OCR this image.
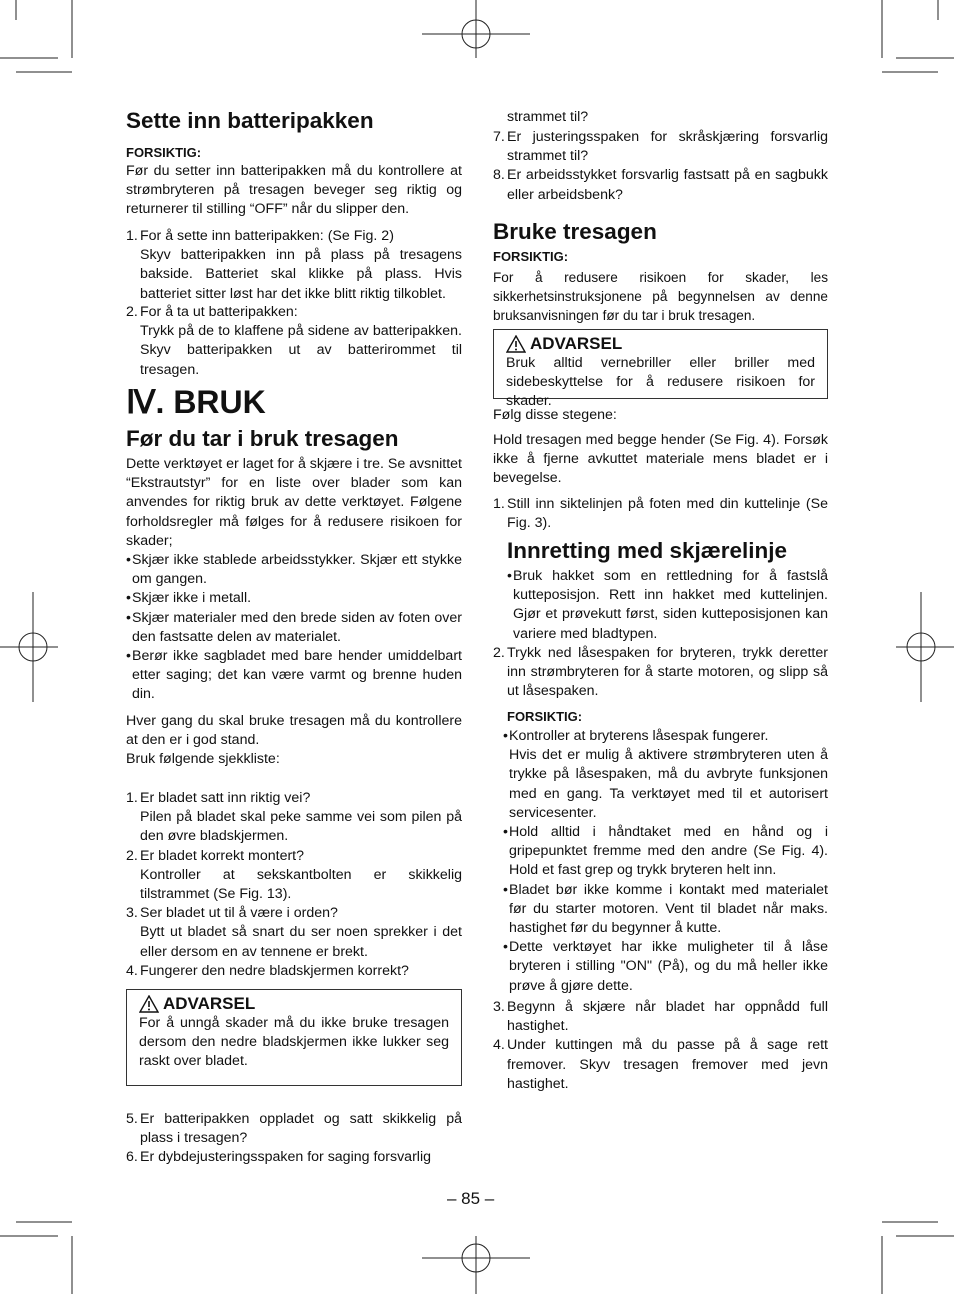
Sette inn batteripakken
FORSIKTIG:
Før du setter inn batteripakken må du kontrollere at strømbryteren på tresagen beveger seg riktig og returnerer til stilling “OFF” når du slipper den.
1. For å sette inn batteripakken: (Se Fig. 2)
Skyv batteripakken inn på plass på tresagens bakside. Batteriet skal klikke på plass. Hvis batteriet sitter løst har det ikke blitt riktig tilkoblet.
2. For å ta ut batteripakken:
Trykk på de to klaffene på sidene av batteripakken. Skyv batteripakken ut av batterirommet til tresagen.
Ⅳ. BRUK
Før du tar i bruk tresagen
Dette verktøyet er laget for å skjære i tre. Se avsnittet “Ekstrautstyr” for en liste over blader som kan anvendes for riktig bruk av dette verktøyet. Følgene forholdsregler må følges for å redusere risikoen for skader;
• Skjær ikke stablede arbeidsstykker. Skjær ett stykke om gangen.
• Skjær ikke i metall.
• Skjær materialer med den brede siden av foten over den fastsatte delen av materialet.
• Berør ikke sagbladet med bare hender umiddelbart etter saging; det kan være varmt og brenne huden din.
Hver gang du skal bruke tresagen må du kontrollere at den er i god stand.
Bruk følgende sjekkliste:
1. Er bladet satt inn riktig vei?
Pilen på bladet skal peke samme vei som pilen på den øvre bladskjermen.
2. Er bladet korrekt montert?
Kontroller at sekskantbolten er skikkelig tilstrammet (Se Fig. 13).
3. Ser bladet ut til å være i orden?
Bytt ut bladet så snart du ser noen sprekker i det eller dersom en av tennene er brekt.
4. Fungerer den nedre bladskjermen korrekt?
ADVARSEL
For å unngå skader må du ikke bruke tresagen dersom den nedre bladskjermen ikke lukker seg raskt over bladet.
5. Er batteripakken oppladet og satt skikkelig på plass i tresagen?
6. Er dybdejusteringsspaken for saging forsvarlig
strammet til?
7. Er justeringsspaken for skråskjæring forsvarlig strammet til?
8. Er arbeidsstykket forsvarlig fastsatt på en sagbukk eller arbeidsbenk?
Bruke tresagen
FORSIKTIG:
For å redusere risikoen for skader, les sikkerhetsinstruksjonene på begynnelsen av denne bruksanvisningen før du tar i bruk tresagen.
ADVARSEL
Bruk alltid vernebriller eller briller med sidebeskyttelse for å redusere risikoen for skader.
Følg disse stegene:
Hold tresagen med begge hender (Se Fig. 4). Forsøk ikke å fjerne avkuttet materiale mens bladet er i bevegelse.
1. Still inn siktelinjen på foten med din kuttelinje (Se Fig. 3).
Innretting med skjærelinje
• Bruk hakket som en rettledning for å fastslå kutteposisjon. Rett inn hakket med kuttelinjen. Gjør et prøvekutt først, siden kutteposisjonen kan variere med bladtypen.
2. Trykk ned låsespaken for bryteren, trykk deretter inn strømbryteren for å starte motoren, og slipp så ut låsespaken.
FORSIKTIG:
• Kontroller at bryterens låsespak fungerer.
Hvis det er mulig å aktivere strømbryteren uten å trykke på låsespaken, må du avbryte funksjonen med en gang. Ta verktøyet med til et autorisert servicesenter.
• Hold alltid i håndtaket med en hånd og i gripepunktet fremme med den andre (Se Fig. 4). Hold et fast grep og trykk bryteren helt inn.
• Bladet bør ikke komme i kontakt med materialet før du starter motoren. Vent til bladet når maks. hastighet før du begynner å kutte.
• Dette verktøyet har ikke muligheter til å låse bryteren i stilling "ON" (På), og du må heller ikke prøve å gjøre dette.
3. Begynn å skjære når bladet har oppnådd full hastighet.
4. Under kuttingen må du passe på å sage rett fremover. Skyv tresagen fremover med jevn hastighet.
– 85 –
